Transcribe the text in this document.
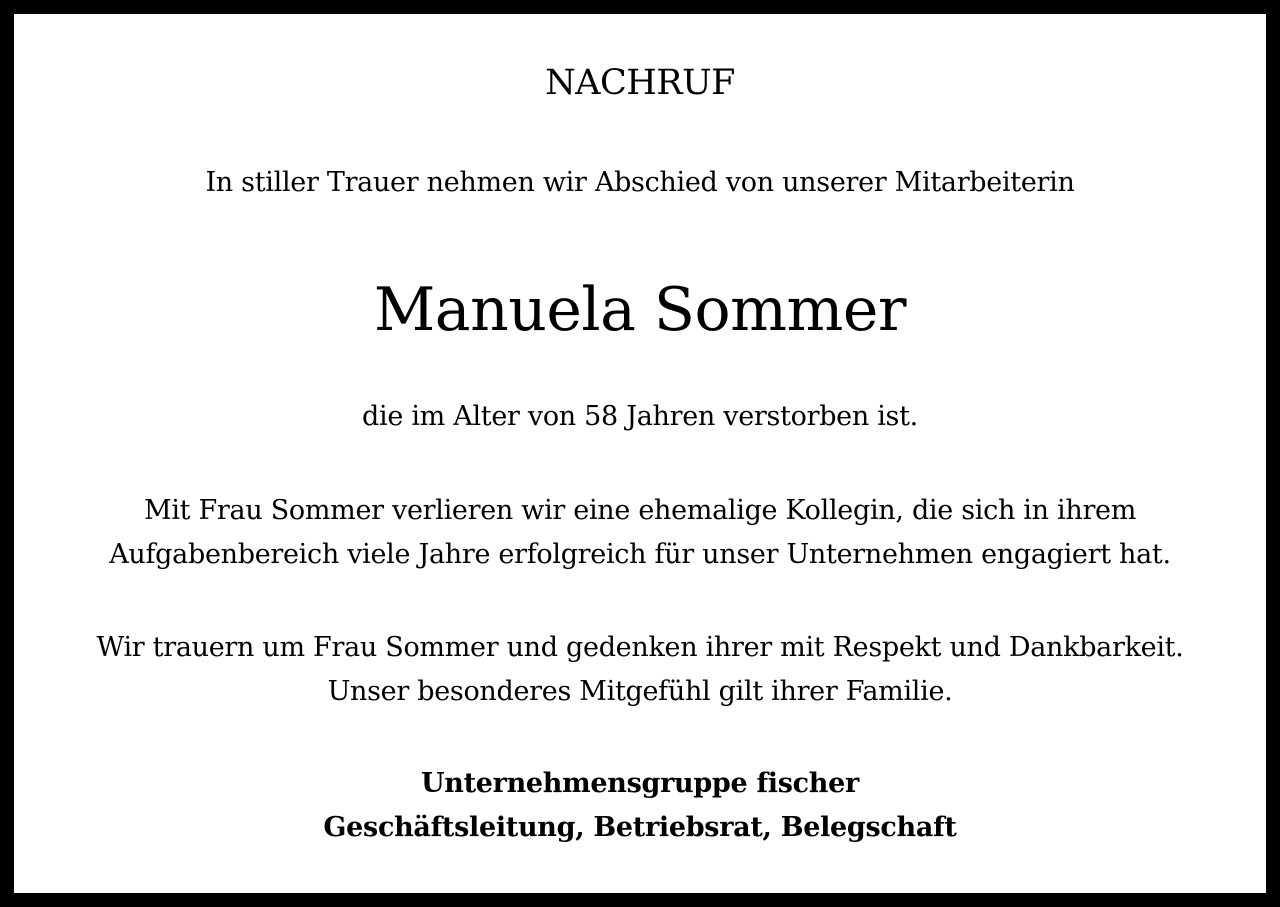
NACHRUF
In stiller Trauer nehmen wir Abschied von unserer Mitarbeiterin
Manuela Sommer
die im Alter von 58 Jahren verstorben ist.
Mit Frau Sommer verlieren wir eine ehemalige Kollegin, die sich in ihrem
Aufgabenbereich viele Jahre erfolgreich für unser Unternehmen engagiert hat.
Wir trauern um Frau Sommer und gedenken ihrer mit Respekt und Dankbarkeit.
Unser besonderes Mitgefühl gilt ihrer Familie.
Unternehmensgruppe fischer
Geschäftsleitung, Betriebsrat, Belegschaft
